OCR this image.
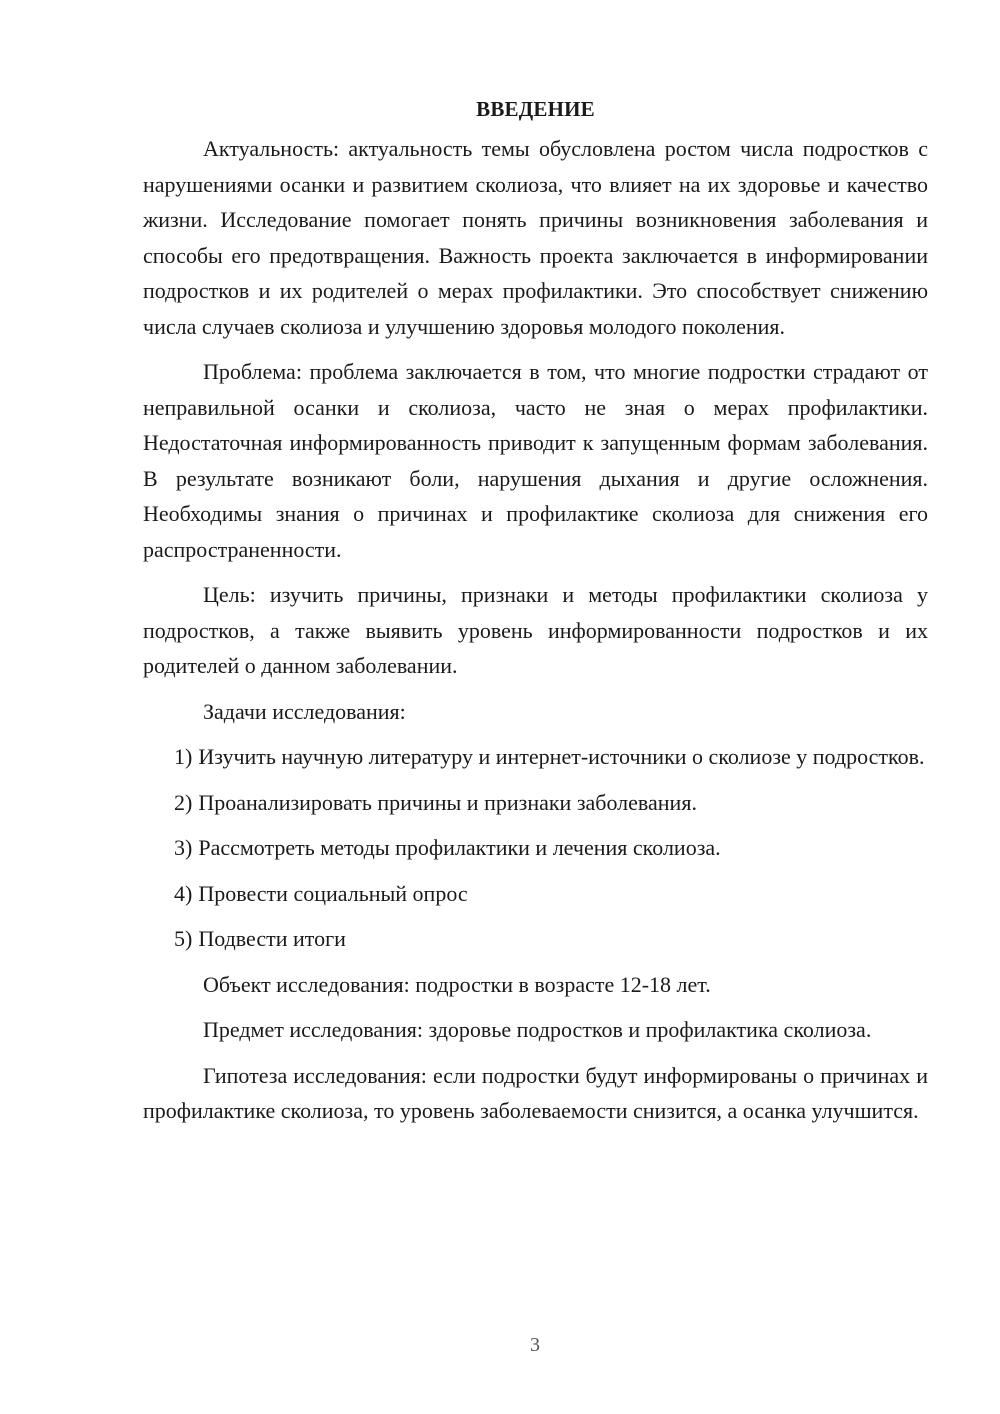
ВВЕДЕНИЕ

Актуальность: актуальность темы обусловлена ростом числа подростков с нарушениями осанки и развитием сколиоза, что влияет на их здоровье и качество жизни. Исследование помогает понять причины возникновения заболевания и способы его предотвращения. Важность проекта заключается в информировании подростков и их родителей о мерах профилактики. Это способствует снижению числа случаев сколиоза и улучшению здоровья молодого поколения.

Проблема: проблема заключается в том, что многие подростки страдают от неправильной осанки и сколиоза, часто не зная о мерах профилактики. Недостаточная информированность приводит к запущенным формам заболевания. В результате возникают боли, нарушения дыхания и другие осложнения. Необходимы знания о причинах и профилактике сколиоза для снижения его распространенности.

Цель: изучить причины, признаки и методы профилактики сколиоза у подростков, а также выявить уровень информированности подростков и их родителей о данном заболевании.

Задачи исследования:

1) Изучить научную литературу и интернет-источники о сколиозе у подростков.
2) Проанализировать причины и признаки заболевания.
3) Рассмотреть методы профилактики и лечения сколиоза.
4) Провести социальный опрос
5) Подвести итоги

Объект исследования: подростки в возрасте 12-18 лет.

Предмет исследования: здоровье подростков и профилактика сколиоза.

Гипотеза исследования: если подростки будут информированы о причинах и профилактике сколиоза, то уровень заболеваемости снизится, а осанка улучшится.

3
